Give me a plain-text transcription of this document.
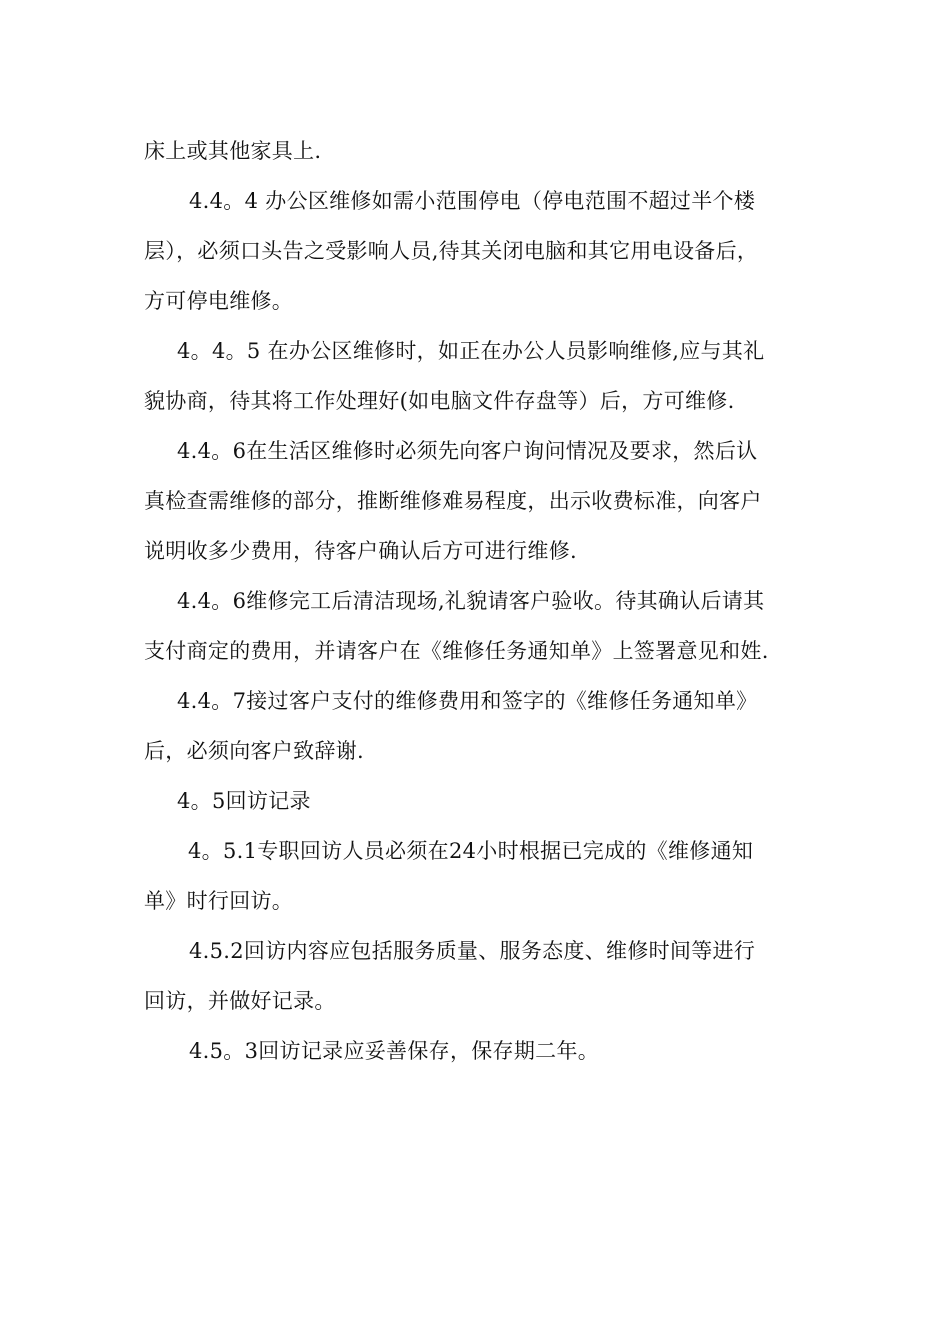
床上或其他家具上.
4.4。4 办公区维修如需小范围停电（停电范围不超过半个楼
层），必须口头告之受影响人员,待其关闭电脑和其它用电设备后，
方可停电维修。
4。4。5 在办公区维修时，如正在办公人员影响维修,应与其礼
貌协商，待其将工作处理好(如电脑文件存盘等）后，方可维修.
4.4。6在生活区维修时必须先向客户询问情况及要求，然后认
真检查需维修的部分，推断维修难易程度，出示收费标准，向客户
说明收多少费用，待客户确认后方可进行维修.
4.4。6维修完工后清洁现场,礼貌请客户验收。待其确认后请其
支付商定的费用，并请客户在《维修任务通知单》上签署意见和姓.
4.4。7接过客户支付的维修费用和签字的《维修任务通知单》
后，必须向客户致辞谢.
4。5回访记录
4。5.1专职回访人员必须在24小时根据已完成的《维修通知
单》时行回访。
4.5.2回访内容应包括服务质量、服务态度、维修时间等进行
回访，并做好记录。
4.5。3回访记录应妥善保存，保存期二年。
